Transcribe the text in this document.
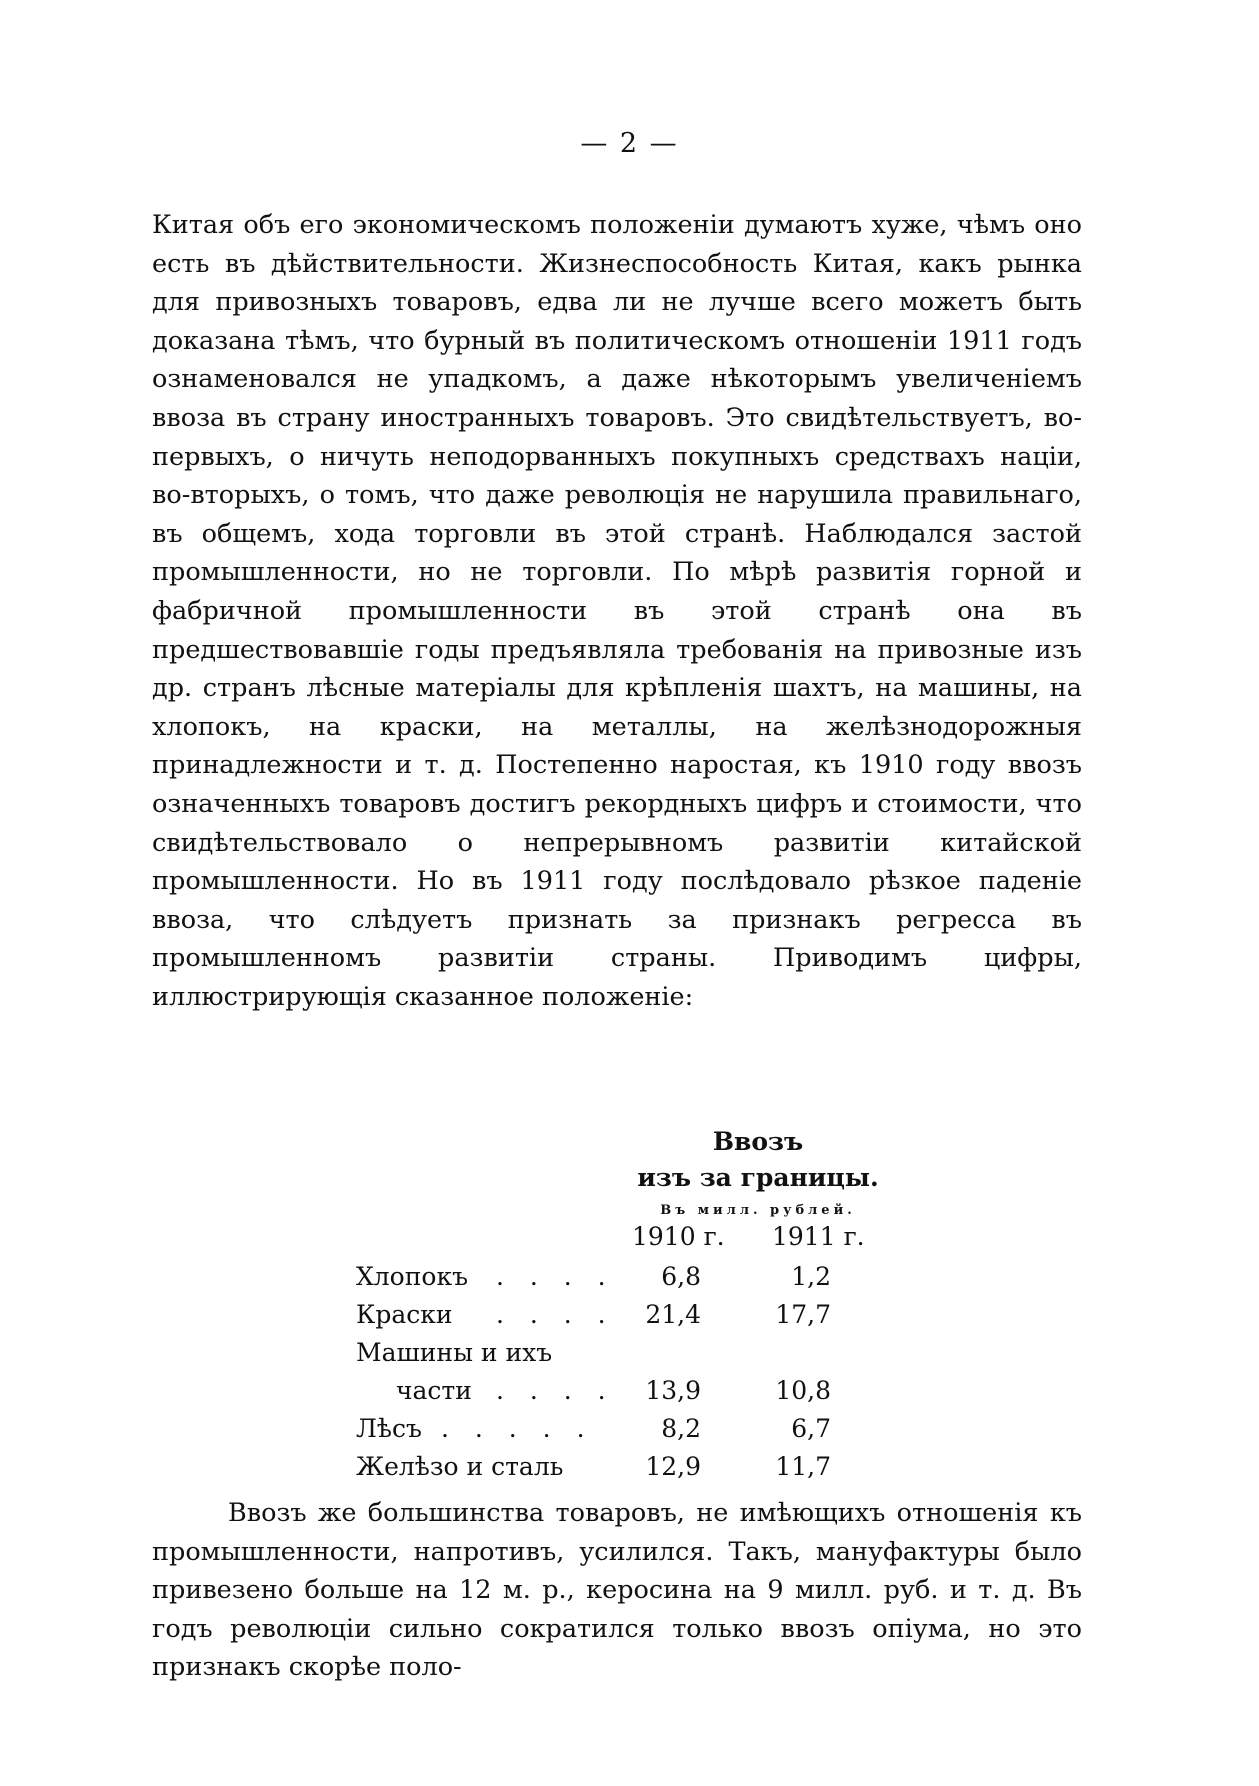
— 2 —

Китая объ его экономическомъ положеніи думаютъ хуже, чѣмъ оно есть въ дѣйствительности. Жизнеспособность Китая, какъ рынка для привозныхъ товаровъ, едва ли не лучше всего можетъ быть доказана тѣмъ, что бурный въ политическомъ отношеніи 1911 годъ ознаменовался не упадкомъ, а даже нѣкоторымъ увеличеніемъ ввоза въ страну иностранныхъ товаровъ. Это свидѣтельствуетъ, во-первыхъ, о ничуть неподорванныхъ покупныхъ средствахъ націи, во-вторыхъ, о томъ, что даже революція не нарушила правильнаго, въ общемъ, хода торговли въ этой странѣ. Наблюдался застой промышленности, но не торговли. По мѣрѣ развитія горной и фабричной промышленности въ этой странѣ она въ предшествовавшіе годы предъявляла требованія на привозные изъ др. странъ лѣсные матеріалы для крѣпленія шахтъ, на машины, на хлопокъ, на краски, на металлы, на желѣзнодорожныя принадлежности и т. д. Постепенно наростая, къ 1910 году ввозъ означенныхъ товаровъ достигъ рекордныхъ цифръ и стоимости, что свидѣтельствовало о непрерывномъ развитіи китайской промышленности. Но въ 1911 году послѣдовало рѣзкое паденіе ввоза, что слѣдуетъ признать за признакъ регресса въ промышленномъ развитіи страны. Приводимъ цифры, иллюстрирующія сказанное положеніе:

Ввозъ
изъ за границы.
Въ милл. рублей.
1910 г. 1911 г.
Хлопокъ . . . .	6,8	1,2
Краски . . . .	21,4	17,7
Машины и ихъ
части . . . .	13,9	10,8
Лѣсъ . . . . .	8,2	6,7
Желѣзо и сталь	12,9	11,7

Ввозъ же большинства товаровъ, не имѣющихъ отношенія къ промышленности, напротивъ, усилился. Такъ, мануфактуры было привезено больше на 12 м. р., керосина на 9 милл. руб. и т. д. Въ годъ революціи сильно сократился только ввозъ опіума, но это признакъ скорѣе поло-
